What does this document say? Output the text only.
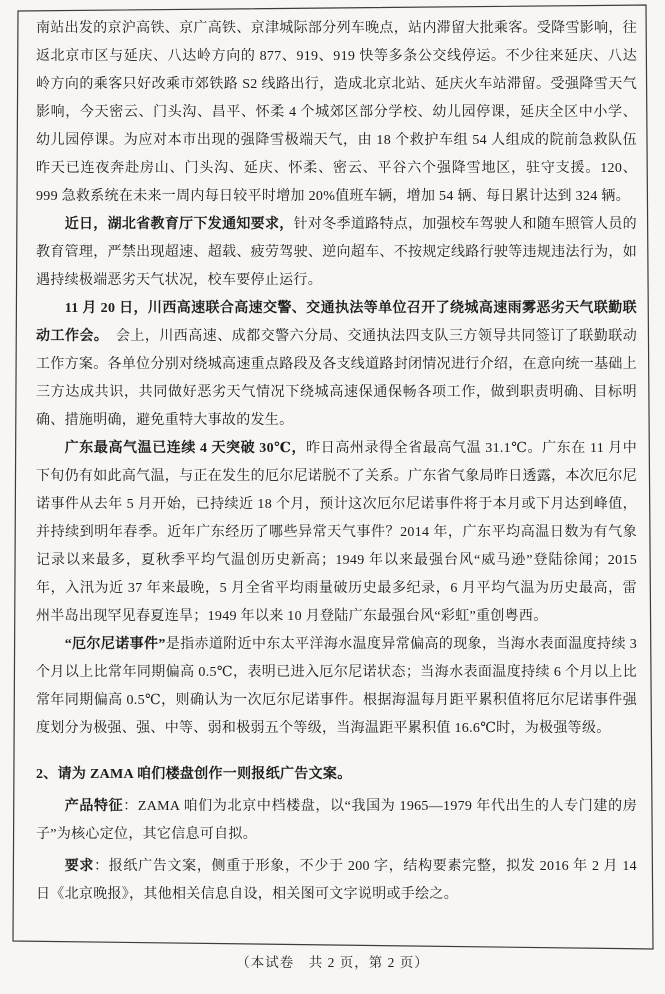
南站出发的京沪高铁、京广高铁、京津城际部分列车晚点，站内滞留大批乘客。受降雪影响，往返北京市区与延庆、八达岭方向的 877、919、919 快等多条公交线停运。不少往来延庆、八达岭方向的乘客只好改乘市郊铁路 S2 线路出行，造成北京北站、延庆火车站滞留。受强降雪天气影响，今天密云、门头沟、昌平、怀柔 4 个城郊区部分学校、幼儿园停课，延庆全区中小学、幼儿园停课。为应对本市出现的强降雪极端天气，由 18 个救护车组 54 人组成的院前急救队伍昨天已连夜奔赴房山、门头沟、延庆、怀柔、密云、平谷六个强降雪地区，驻守支援。120、999 急救系统在未来一周内每日较平时增加 20%值班车辆，增加 54 辆、每日累计达到 324 辆。

近日，湖北省教育厅下发通知要求，针对冬季道路特点，加强校车驾驶人和随车照管人员的教育管理，严禁出现超速、超载、疲劳驾驶、逆向超车、不按规定线路行驶等违规违法行为，如遇持续极端恶劣天气状况，校车要停止运行。

11 月 20 日，川西高速联合高速交警、交通执法等单位召开了绕城高速雨雾恶劣天气联勤联动工作会。　会上，川西高速、成都交警六分局、交通执法四支队三方领导共同签订了联勤联动工作方案。各单位分别对绕城高速重点路段及各支线道路封闭情况进行介绍，在意向统一基础上三方达成共识，共同做好恶劣天气情况下绕城高速保通保畅各项工作，做到职责明确、目标明确、措施明确，避免重特大事故的发生。

广东最高气温已连续 4 天突破 30℃，昨日高州录得全省最高气温 31.1℃。广东在 11 月中下旬仍有如此高气温，与正在发生的厄尔尼诺脱不了关系。广东省气象局昨日透露，本次厄尔尼诺事件从去年 5 月开始，已持续近 18 个月，预计这次厄尔尼诺事件将于本月或下月达到峰值，并持续到明年春季。近年广东经历了哪些异常天气事件？2014 年，广东平均高温日数为有气象记录以来最多，夏秋季平均气温创历史新高；1949 年以来最强台风“威马逊”登陆徐闻；2015 年，入汛为近 37 年来最晚，5 月全省平均雨量破历史最多纪录，6 月平均气温为历史最高，雷州半岛出现罕见春夏连旱；1949 年以来 10 月登陆广东最强台风“彩虹”重创粤西。

“厄尔尼诺事件”是指赤道附近中东太平洋海水温度异常偏高的现象，当海水表面温度持续 3 个月以上比常年同期偏高 0.5℃，表明已进入厄尔尼诺状态；当海水表面温度持续 6 个月以上比常年同期偏高 0.5℃，则确认为一次厄尔尼诺事件。根据海温每月距平累积值将厄尔尼诺事件强度划分为极强、强、中等、弱和极弱五个等级，当海温距平累积值 16.6℃时，为极强等级。

2、请为 ZAMA 咱们楼盘创作一则报纸广告文案。

产品特征：ZAMA 咱们为北京中档楼盘，以“我国为 1965—1979 年代出生的人专门建的房子”为核心定位，其它信息可自拟。

要求：报纸广告文案，侧重于形象，不少于 200 字，结构要素完整，拟发 2016 年 2 月 14 日《北京晚报》，其他相关信息自设，相关图可文字说明或手绘之。

（本试卷　共 2 页，第 2 页）
